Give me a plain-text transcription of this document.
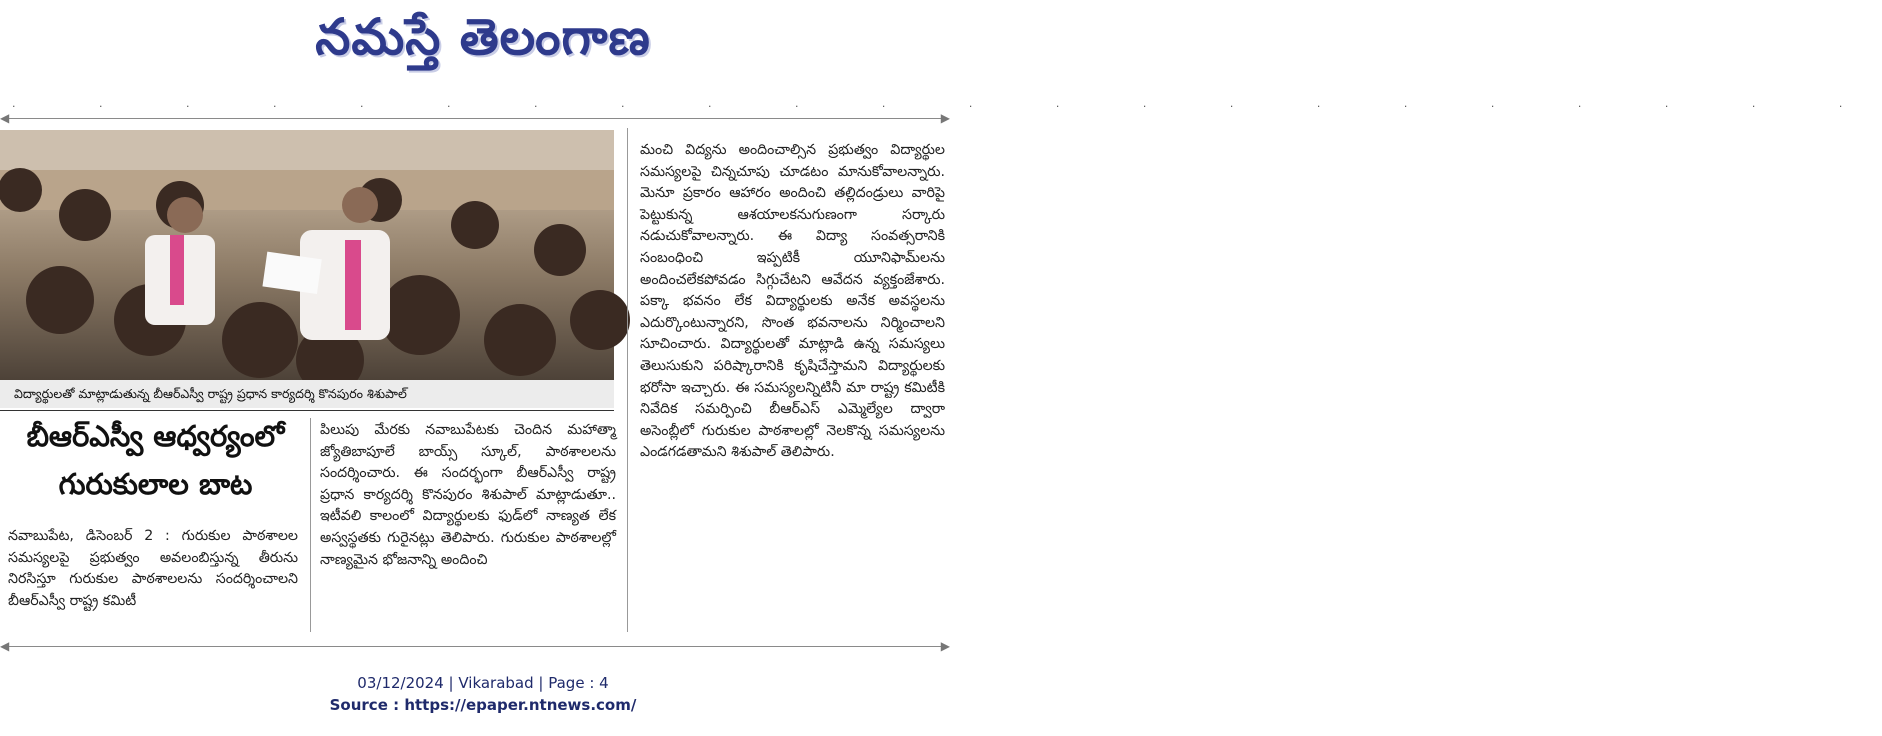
నమస్తే తెలంగాణ
· · · · · · · · · · · · · · · · · · · · · ·
◀	▶
విద్యార్థులతో మాట్లాడుతున్న బీఆర్ఎస్వీ రాష్ట్ర ప్రధాన కార్యదర్శి కొనపురం శిశుపాల్
బీఆర్ఎస్వీ ఆధ్వర్యంలో
గురుకులాల బాట

నవాబుపేట, డిసెంబర్ 2 : గురుకుల పాఠశాలల సమస్యలపై ప్రభుత్వం అవలంబిస్తున్న తీరును నిరసిస్తూ గురుకుల పాఠశాలలను సందర్శించాలని బీఆర్ఎస్వీ రాష్ట్ర కమిటీ

పిలుపు మేరకు నవాబుపేటకు చెందిన మహాత్మా జ్యోతిబాపూలే బాయ్స్ స్కూల్, పాఠశాలలను సందర్శించారు. ఈ సందర్భంగా బీఆర్ఎస్వీ రాష్ట్ర ప్రధాన కార్యదర్శి కొనపురం శిశుపాల్ మాట్లాడుతూ.. ఇటీవలి కాలంలో విద్యార్థులకు ఫుడ్‌లో నాణ్యత లేక అస్వస్థతకు గురైనట్లు తెలిపారు. గురుకుల పాఠశాలల్లో నాణ్యమైన భోజనాన్ని అందించి

మంచి విద్యను అందించాల్సిన ప్రభుత్వం విద్యార్థుల సమస్యలపై చిన్నచూపు చూడటం మానుకోవాలన్నారు. మెనూ ప్రకారం ఆహారం అందించి తల్లిదండ్రులు వారిపై పెట్టుకున్న ఆశయాలకనుగుణంగా సర్కారు నడుచుకోవాలన్నారు. ఈ విద్యా సంవత్సరానికి సంబంధించి ఇప్పటికీ యూనిఫామ్‌లను అందించలేకపోవడం సిగ్గుచేటని ఆవేదన వ్యక్తంజేశారు. పక్కా భవనం లేక విద్యార్థులకు అనేక అవస్థలను ఎదుర్కొంటున్నారని, సొంత భవనాలను నిర్మించాలని సూచించారు. విద్యార్థులతో మాట్లాడి ఉన్న సమస్యలు తెలుసుకుని పరిష్కారానికి కృషిచేస్తామని విద్యార్థులకు భరోసా ఇచ్చారు. ఈ సమస్యలన్నిటినీ మా రాష్ట్ర కమిటీకి నివేదిక సమర్పించి బీఆర్ఎస్ ఎమ్మెల్యేల ద్వారా అసెంబ్లీలో గురుకుల పాఠశాలల్లో నెలకొన్న సమస్యలను ఎండగడతామని శిశుపాల్ తెలిపారు.

◀	▶
03/12/2024 | Vikarabad | Page : 4
Source : https://epaper.ntnews.com/
